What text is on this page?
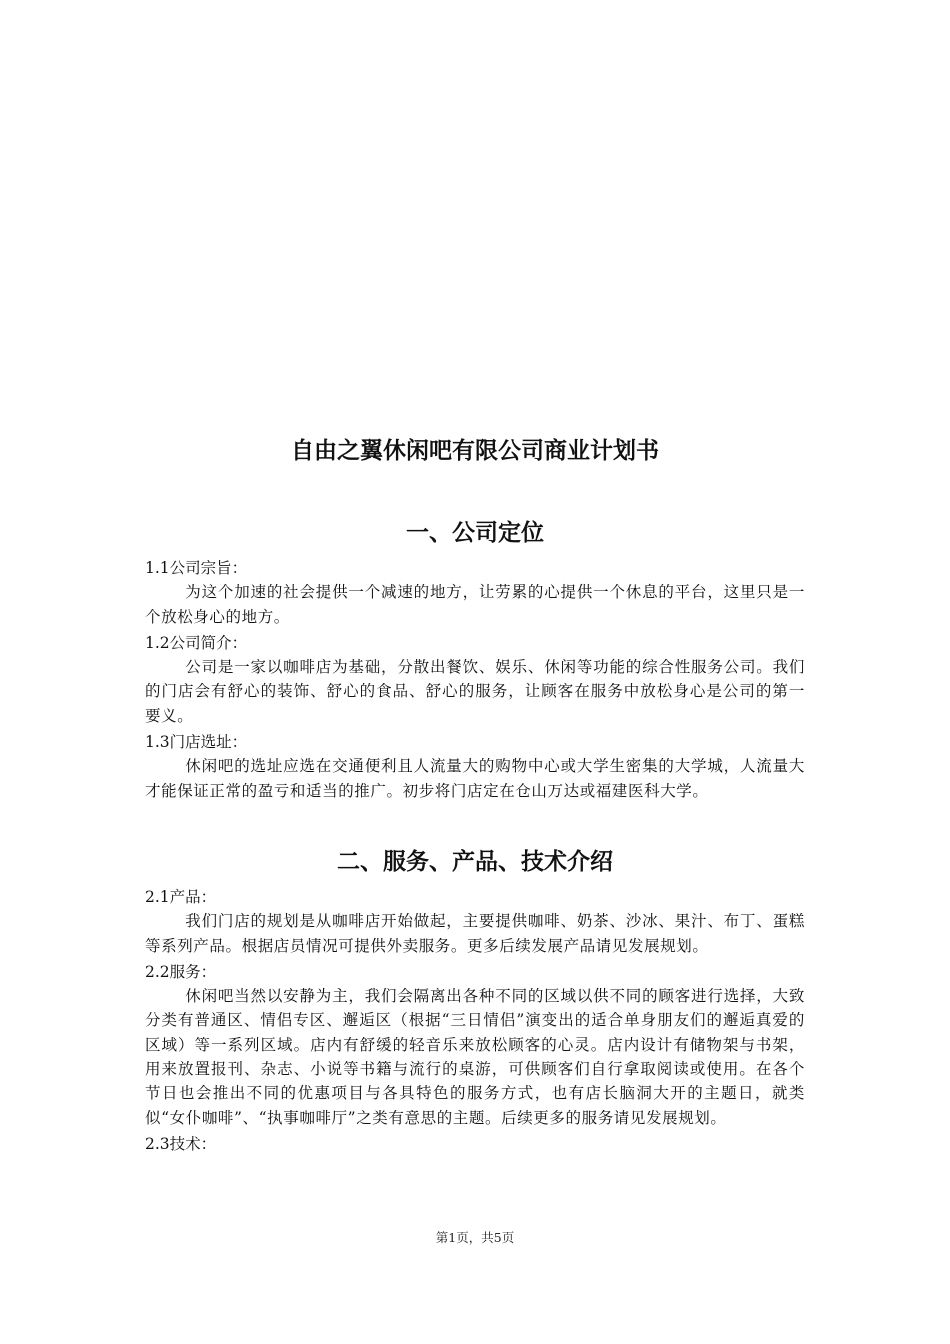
自由之翼休闲吧有限公司商业计划书
一、公司定位

1.1公司宗旨：

为这个加速的社会提供一个减速的地方，让劳累的心提供一个休息的平台，这里只是一个放松身心的地方。

1.2公司简介：

公司是一家以咖啡店为基础，分散出餐饮、娱乐、休闲等功能的综合性服务公司。我们的门店会有舒心的装饰、舒心的食品、舒心的服务，让顾客在服务中放松身心是公司的第一要义。

1.3门店选址：

休闲吧的选址应选在交通便利且人流量大的购物中心或大学生密集的大学城，人流量大才能保证正常的盈亏和适当的推广。初步将门店定在仓山万达或福建医科大学。

二、服务、产品、技术介绍

2.1产品：

我们门店的规划是从咖啡店开始做起，主要提供咖啡、奶茶、沙冰、果汁、布丁、蛋糕等系列产品。根据店员情况可提供外卖服务。更多后续发展产品请见发展规划。

2.2服务：

休闲吧当然以安静为主，我们会隔离出各种不同的区域以供不同的顾客进行选择，大致分类有普通区、情侣专区、邂逅区（根据“三日情侣”演变出的适合单身朋友们的邂逅真爱的区域）等一系列区域。店内有舒缓的轻音乐来放松顾客的心灵。店内设计有储物架与书架，用来放置报刊、杂志、小说等书籍与流行的桌游，可供顾客们自行拿取阅读或使用。在各个节日也会推出不同的优惠项目与各具特色的服务方式，也有店长脑洞大开的主题日，就类似“女仆咖啡”、“执事咖啡厅”之类有意思的主题。后续更多的服务请见发展规划。

2.3技术：

第1页，共5页
